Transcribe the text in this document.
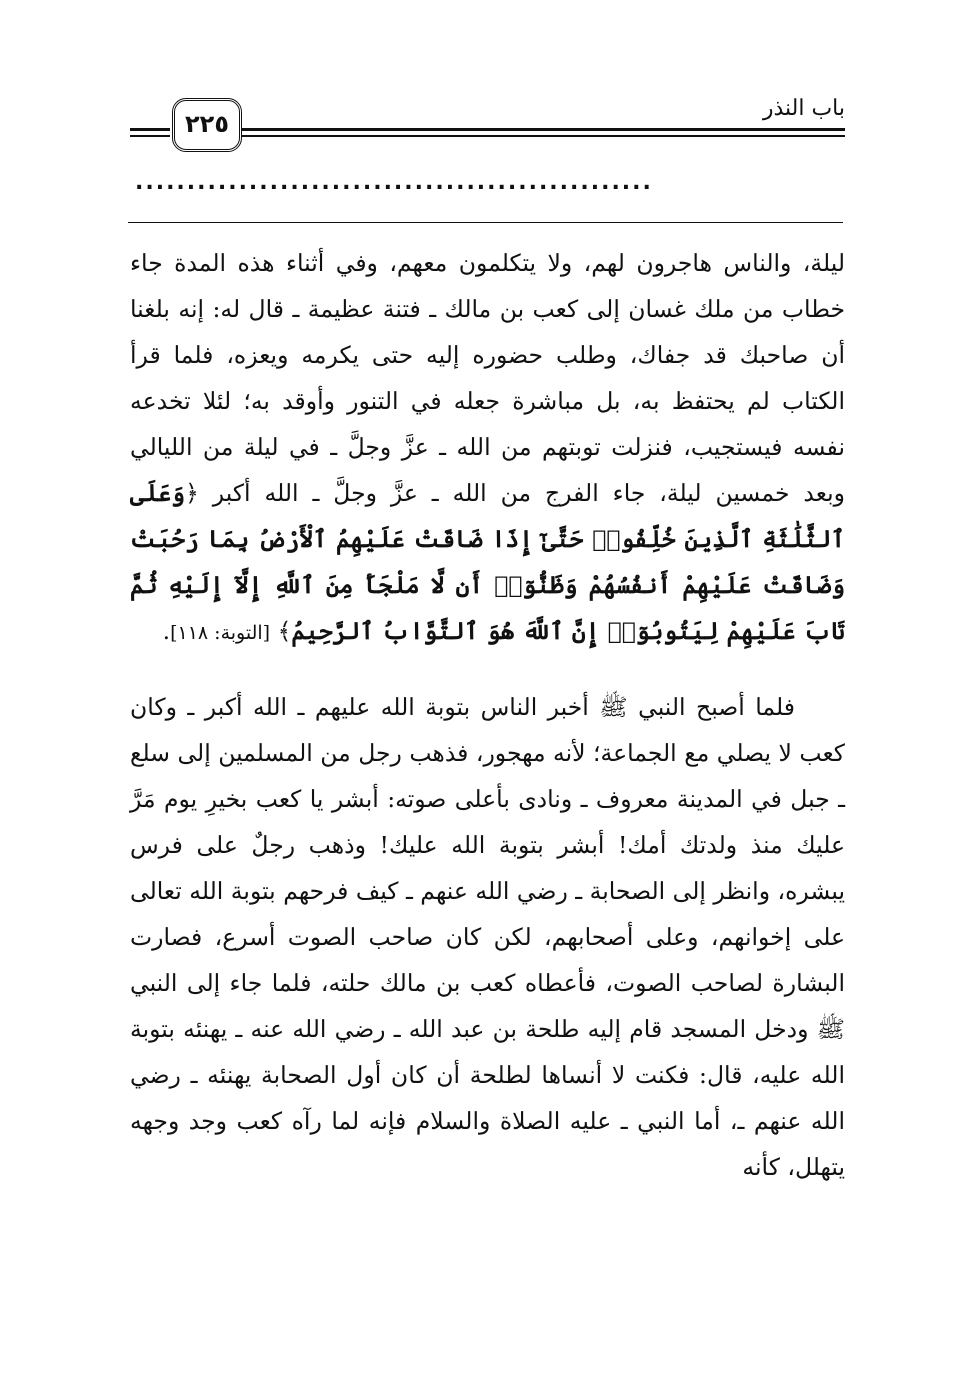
باب النذر
٢٢٥
..................................................

ليلة، والناس هاجرون لهم، ولا يتكلمون معهم، وفي أثناء هذه المدة جاء خطاب من ملك غسان إلى كعب بن مالك ـ فتنة عظيمة ـ قال له: إنه بلغنا أن صاحبك قد جفاك، وطلب حضوره إليه حتى يكرمه ويعزه، فلما قرأ الكتاب لم يحتفظ به، بل مباشرة جعله في التنور وأوقد به؛ لئلا تخدعه نفسه فيستجيب، فنزلت توبتهم من الله ـ عزَّ وجلَّ ـ في ليلة من الليالي وبعد خمسين ليلة، جاء الفرج من الله ـ عزَّ وجلَّ ـ الله أكبر ﴿وَعَلَى ٱلثَّلَٰثَةِ ٱلَّذِينَ خُلِّفُوا۟ حَتَّىٰٓ إِذَا ضَاقَتْ عَلَيْهِمُ ٱلْأَرْضُ بِمَا رَحُبَتْ وَضَاقَتْ عَلَيْهِمْ أَنفُسُهُمْ وَظَنُّوٓا۟ أَن لَّا مَلْجَأَ مِنَ ٱللَّهِ إِلَّآ إِلَيْهِ ثُمَّ تَابَ عَلَيْهِمْ لِيَتُوبُوٓا۟ إِنَّ ٱللَّهَ هُوَ ٱلتَّوَّابُ ٱلرَّحِيمُ﴾ [التوبة: ١١٨].

فلما أصبح النبي ﷺ أخبر الناس بتوبة الله عليهم ـ الله أكبر ـ وكان كعب لا يصلي مع الجماعة؛ لأنه مهجور، فذهب رجل من المسلمين إلى سلع ـ جبل في المدينة معروف ـ ونادى بأعلى صوته: أبشر يا كعب بخيرِ يوم مَرَّ عليك منذ ولدتك أمك! أبشر بتوبة الله عليك! وذهب رجلٌ على فرس يبشره، وانظر إلى الصحابة ـ رضي الله عنهم ـ كيف فرحهم بتوبة الله تعالى على إخوانهم، وعلى أصحابهم، لكن كان صاحب الصوت أسرع، فصارت البشارة لصاحب الصوت، فأعطاه كعب بن مالك حلته، فلما جاء إلى النبي ﷺ ودخل المسجد قام إليه طلحة بن عبد الله ـ رضي الله عنه ـ يهنئه بتوبة الله عليه، قال: فكنت لا أنساها لطلحة أن كان أول الصحابة يهنئه ـ رضي الله عنهم ـ، أما النبي ـ عليه الصلاة والسلام فإنه لما رآه كعب وجد وجهه يتهلل، كأنه
